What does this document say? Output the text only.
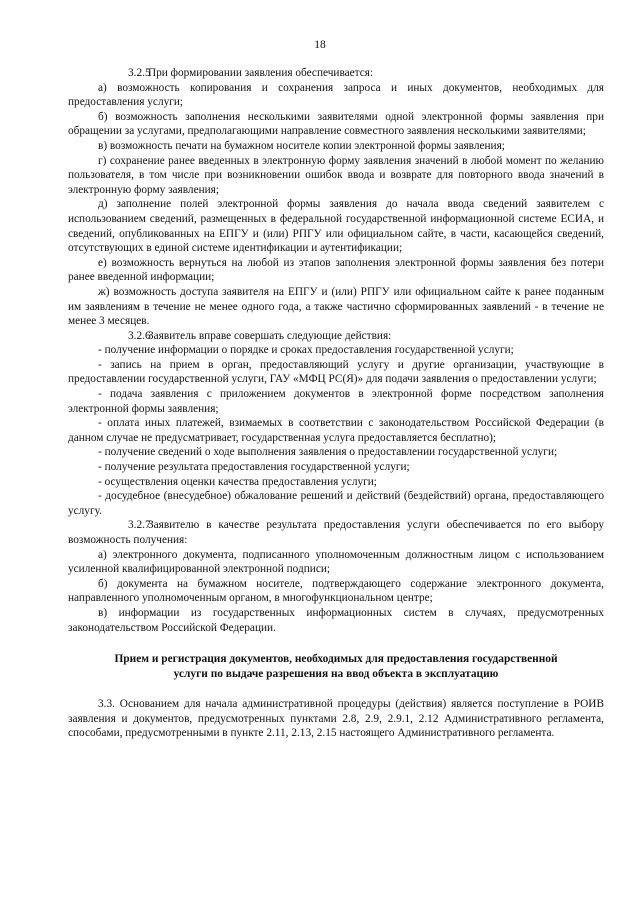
18

3.2.5При формировании заявления обеспечивается:

а) возможность копирования и сохранения запроса и иных документов, необходимых для предоставления услуги;

б) возможность заполнения несколькими заявителями одной электронной формы заявления при обращении за услугами, предполагающими направление совместного заявления несколькими заявителями;

в) возможность печати на бумажном носителе копии электронной формы заявления;

г) сохранение ранее введенных в электронную форму заявления значений в любой момент по желанию пользователя, в том числе при возникновении ошибок ввода и возврате для повторного ввода значений в электронную форму заявления;

д) заполнение полей электронной формы заявления до начала ввода сведений заявителем с использованием сведений, размещенных в федеральной государственной информационной системе ЕСИА, и сведений, опубликованных на ЕПГУ и (или) РПГУ или официальном сайте, в части, касающейся сведений, отсутствующих в единой системе идентификации и аутентификации;

е) возможность вернуться на любой из этапов заполнения электронной формы заявления без потери ранее введенной информации;

ж) возможность доступа заявителя на ЕПГУ и (или) РПГУ или официальном сайте к ранее поданным им заявлениям в течение не менее одного года, а также частично сформированных заявлений - в течение не менее 3 месяцев.

3.2.6Заявитель вправе совершать следующие действия:

- получение информации о порядке и сроках предоставления государственной услуги;

- запись на прием в орган, предоставляющий услугу и другие организации, участвующие в предоставлении государственной услуги, ГАУ «МФЦ РС(Я)» для подачи заявления о предоставлении услуги;

- подача заявления с приложением документов в электронной форме посредством заполнения электронной формы заявления;

- оплата иных платежей, взимаемых в соответствии с законодательством Российской Федерации (в данном случае не предусматривает, государственная услуга предоставляется бесплатно);

- получение сведений о ходе выполнения заявления о предоставлении государственной услуги;

- получение результата предоставления государственной услуги;

- осуществления оценки качества предоставления услуги;

- досудебное (внесудебное) обжалование решений и действий (бездействий) органа, предоставляющего услугу.

3.2.7Заявителю в качестве результата предоставления услуги обеспечивается по его выбору возможность получения:

а) электронного документа, подписанного уполномоченным должностным лицом с использованием усиленной квалифицированной электронной подписи;

б) документа на бумажном носителе, подтверждающего содержание электронного документа, направленного уполномоченным органом, в многофункциональном центре;

в) информации из государственных информационных систем в случаях, предусмотренных законодательством Российской Федерации.

Прием и регистрация документов, необходимых для предоставления государственной
услуги по выдаче разрешения на ввод объекта в эксплуатацию

3.3. Основанием для начала административной процедуры (действия) является поступление в РОИВ заявления и документов, предусмотренных пунктами 2.8, 2.9, 2.9.1, 2.12 Административного регламента, способами, предусмотренными в пункте 2.11, 2.13, 2.15 настоящего Административного регламента.
